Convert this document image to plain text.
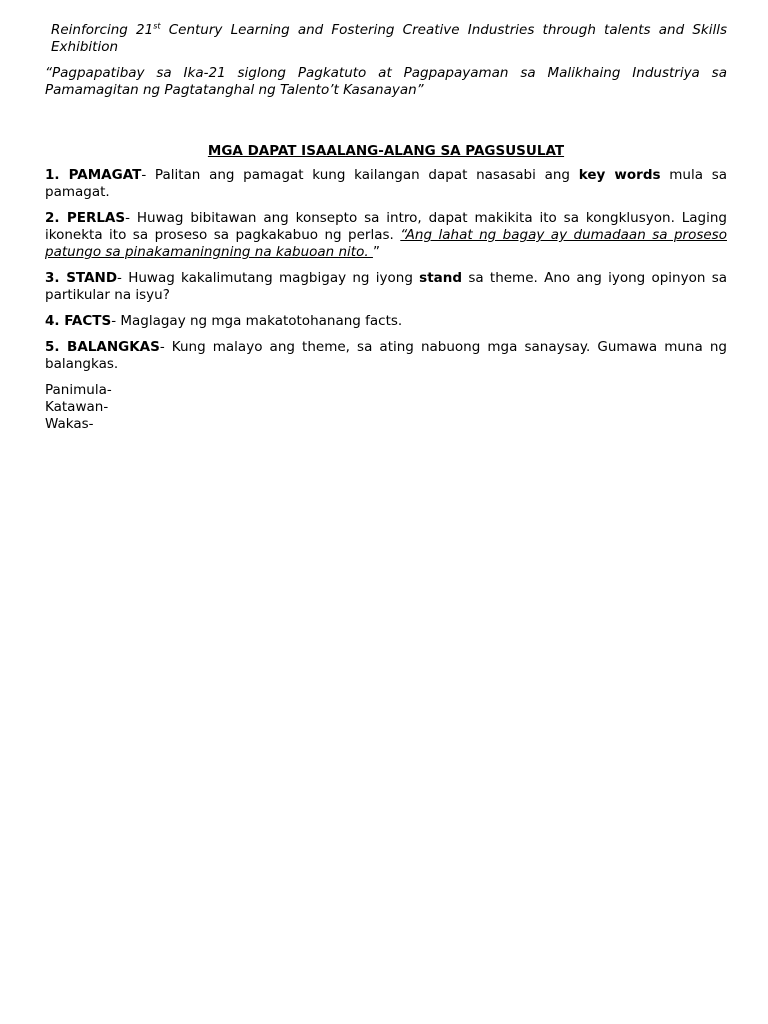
Reinforcing 21st Century Learning and Fostering Creative Industries through talents and Skills Exhibition

“Pagpapatibay sa Ika-21 siglong Pagkatuto at Pagpapayaman sa Malikhaing Industriya sa Pamamagitan ng Pagtatanghal ng Talento’t Kasanayan”

MGA DAPAT ISAALANG-ALANG SA PAGSUSULAT

1. PAMAGAT- Palitan ang pamagat kung kailangan dapat nasasabi ang key words mula sa pamagat.

2. PERLAS- Huwag bibitawan ang konsepto sa intro, dapat makikita ito sa kongklusyon. Laging ikonekta ito sa proseso sa pagkakabuo ng perlas. “Ang lahat ng bagay ay dumadaan sa proseso patungo sa pinakamaningning na kabuoan nito. ”

3. STAND- Huwag kakalimutang magbigay ng iyong stand sa theme. Ano ang iyong opinyon sa partikular na isyu?

4. FACTS- Maglagay ng mga makatotohanang facts.

5. BALANGKAS- Kung malayo ang theme, sa ating nabuong mga sanaysay. Gumawa muna ng balangkas.

Panimula-
Katawan-
Wakas-
